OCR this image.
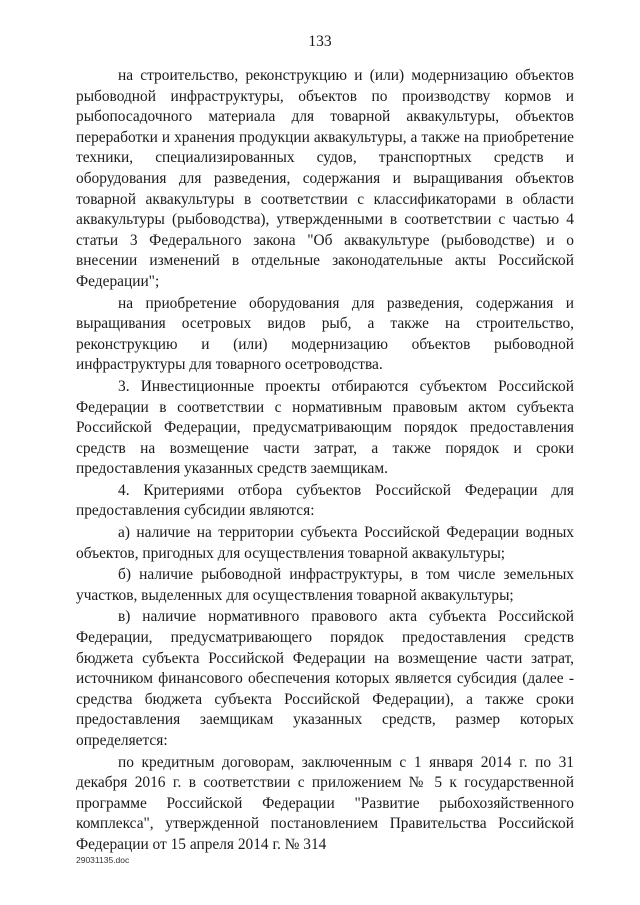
133

на строительство, реконструкцию и (или) модернизацию объектов рыбоводной инфраструктуры, объектов по производству кормов и рыбопосадочного материала для товарной аквакультуры, объектов переработки и хранения продукции аквакультуры, а также на приобретение техники, специализированных судов, транспортных средств и оборудования для разведения, содержания и выращивания объектов товарной аквакультуры в соответствии с классификаторами в области аквакультуры (рыбоводства), утвержденными в соответствии с частью 4 статьи 3 Федерального закона "Об аквакультуре (рыбоводстве) и о внесении изменений в отдельные законодательные акты Российской Федерации";

на приобретение оборудования для разведения, содержания и выращивания осетровых видов рыб, а также на строительство, реконструкцию и (или) модернизацию объектов рыбоводной инфраструктуры для товарного осетроводства.

3. Инвестиционные проекты отбираются субъектом Российской Федерации в соответствии с нормативным правовым актом субъекта Российской Федерации, предусматривающим порядок предоставления средств на возмещение части затрат, а также порядок и сроки предоставления указанных средств заемщикам.

4. Критериями отбора субъектов Российской Федерации для предоставления субсидии являются:

а) наличие на территории субъекта Российской Федерации водных объектов, пригодных для осуществления товарной аквакультуры;

б) наличие рыбоводной инфраструктуры, в том числе земельных участков, выделенных для осуществления товарной аквакультуры;

в) наличие нормативного правового акта субъекта Российской Федерации, предусматривающего порядок предоставления средств бюджета субъекта Российской Федерации на возмещение части затрат, источником финансового обеспечения которых является субсидия (далее - средства бюджета субъекта Российской Федерации), а также сроки предоставления заемщикам указанных средств, размер которых определяется:

по кредитным договорам, заключенным с 1 января 2014 г. по 31 декабря 2016 г. в соответствии с приложением № 5 к государственной программе Российской Федерации "Развитие рыбохозяйственного комплекса", утвержденной постановлением Правительства Российской Федерации от 15 апреля 2014 г. № 314

29031135.doc
